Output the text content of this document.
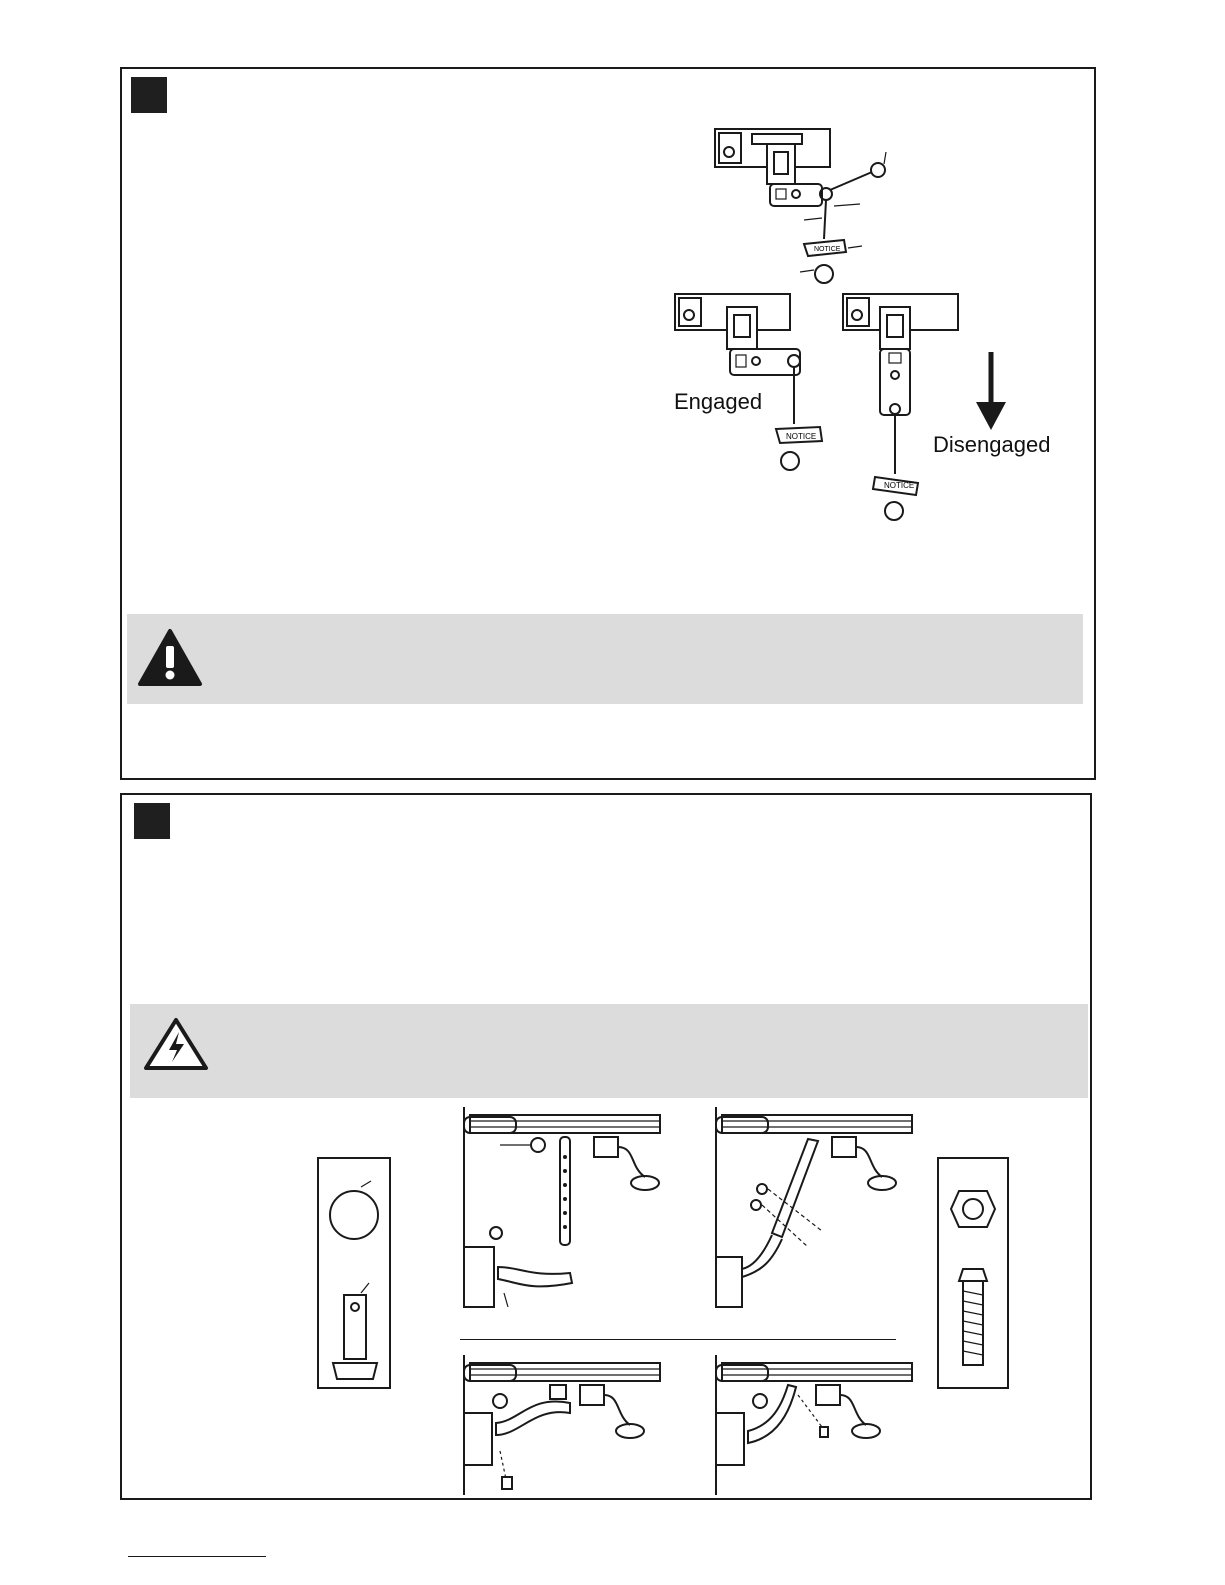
NOTICE
NOTICE
Engaged
NOTICE
Disengaged
